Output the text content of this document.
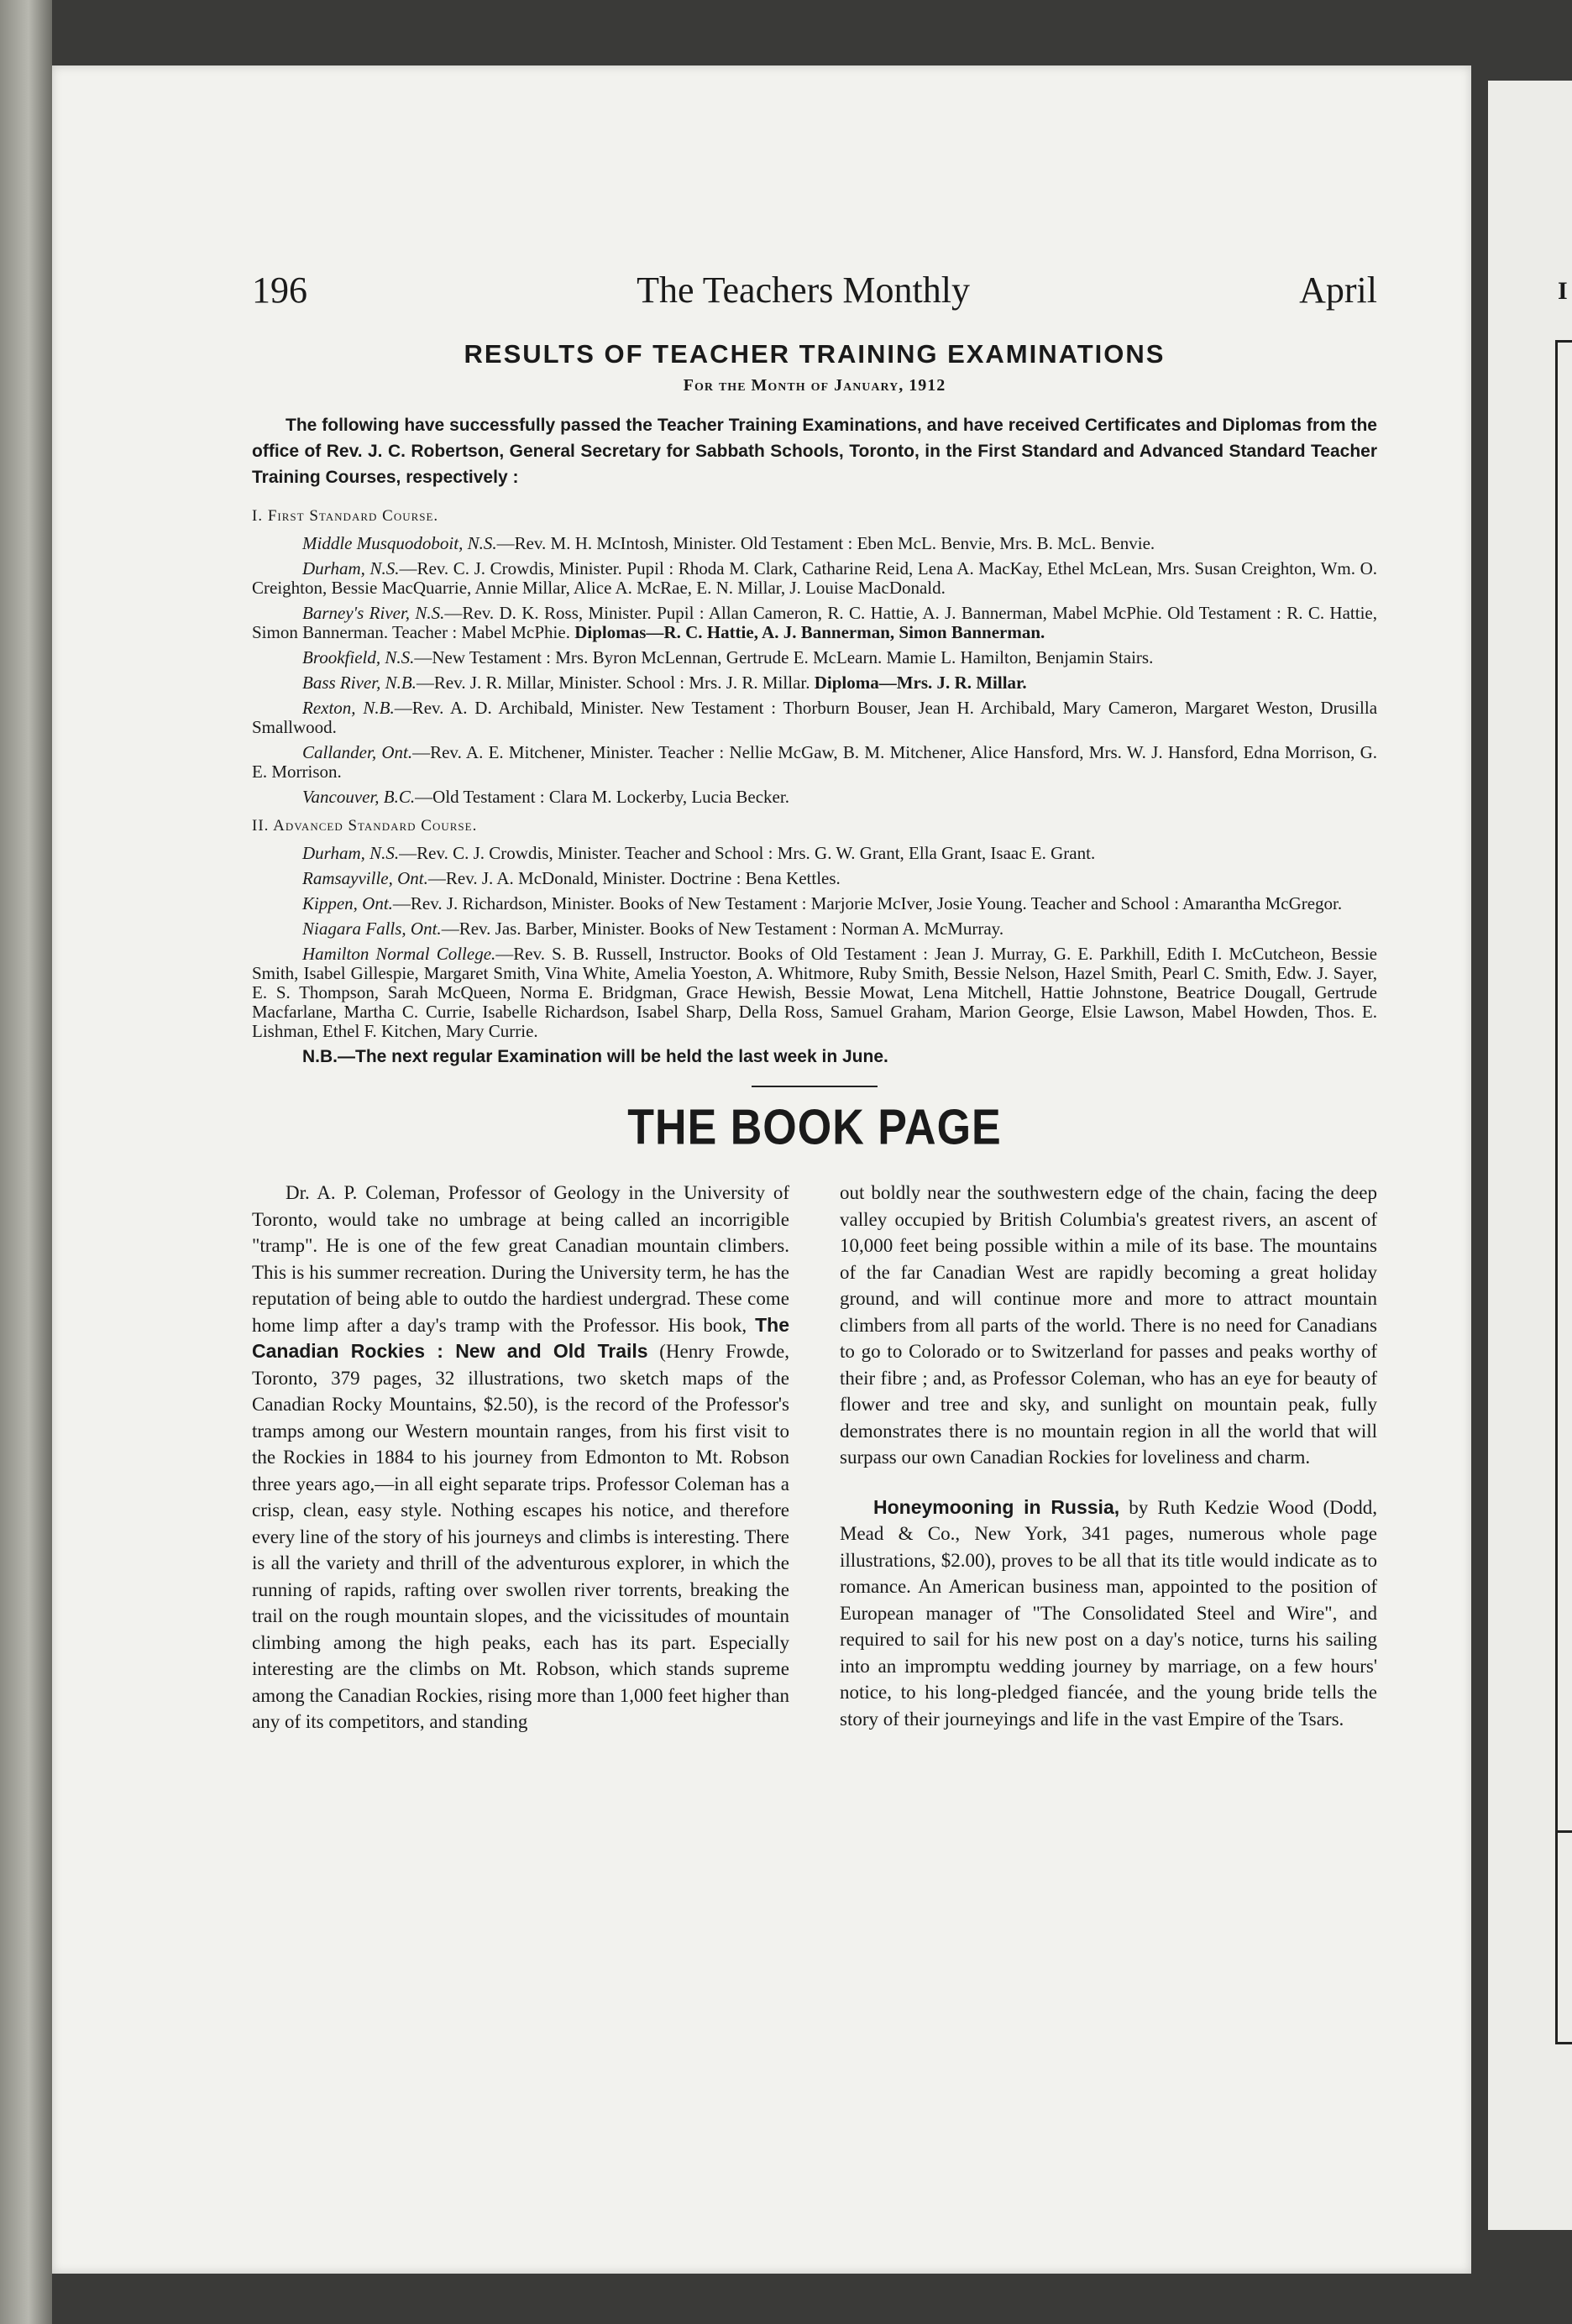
I
196	The Teachers Monthly	April
RESULTS OF TEACHER TRAINING EXAMINATIONS
For the Month of January, 1912

The following have successfully passed the Teacher Training Examinations, and have received Certificates and Diplomas from the office of Rev. J. C. Robertson, General Secretary for Sabbath Schools, Toronto, in the First Standard and Advanced Standard Teacher Training Courses, respectively :

I. First Standard Course.

Middle Musquodoboit, N.S.—Rev. M. H. McIntosh, Minister. Old Testament : Eben McL. Benvie, Mrs. B. McL. Benvie.

Durham, N.S.—Rev. C. J. Crowdis, Minister. Pupil : Rhoda M. Clark, Catharine Reid, Lena A. MacKay, Ethel McLean, Mrs. Susan Creighton, Wm. O. Creighton, Bessie MacQuarrie, Annie Millar, Alice A. McRae, E. N. Millar, J. Louise MacDonald.

Barney's River, N.S.—Rev. D. K. Ross, Minister. Pupil : Allan Cameron, R. C. Hattie, A. J. Bannerman, Mabel McPhie. Old Testament : R. C. Hattie, Simon Bannerman. Teacher : Mabel McPhie. Diplomas—R. C. Hattie, A. J. Bannerman, Simon Bannerman.

Brookfield, N.S.—New Testament : Mrs. Byron McLennan, Gertrude E. McLearn. Mamie L. Hamilton, Benjamin Stairs.

Bass River, N.B.—Rev. J. R. Millar, Minister. School : Mrs. J. R. Millar. Diploma—Mrs. J. R. Millar.

Rexton, N.B.—Rev. A. D. Archibald, Minister. New Testament : Thorburn Bouser, Jean H. Archibald, Mary Cameron, Margaret Weston, Drusilla Smallwood.

Callander, Ont.—Rev. A. E. Mitchener, Minister. Teacher : Nellie McGaw, B. M. Mitchener, Alice Hansford, Mrs. W. J. Hansford, Edna Morrison, G. E. Morrison.

Vancouver, B.C.—Old Testament : Clara M. Lockerby, Lucia Becker.

II. Advanced Standard Course.

Durham, N.S.—Rev. C. J. Crowdis, Minister. Teacher and School : Mrs. G. W. Grant, Ella Grant, Isaac E. Grant.

Ramsayville, Ont.—Rev. J. A. McDonald, Minister. Doctrine : Bena Kettles.

Kippen, Ont.—Rev. J. Richardson, Minister. Books of New Testament : Marjorie McIver, Josie Young. Teacher and School : Amarantha McGregor.

Niagara Falls, Ont.—Rev. Jas. Barber, Minister. Books of New Testament : Norman A. McMurray.

Hamilton Normal College.—Rev. S. B. Russell, Instructor. Books of Old Testament : Jean J. Murray, G. E. Parkhill, Edith I. McCutcheon, Bessie Smith, Isabel Gillespie, Margaret Smith, Vina White, Amelia Yoeston, A. Whitmore, Ruby Smith, Bessie Nelson, Hazel Smith, Pearl C. Smith, Edw. J. Sayer, E. S. Thompson, Sarah McQueen, Norma E. Bridgman, Grace Hewish, Bessie Mowat, Lena Mitchell, Hattie Johnstone, Beatrice Dougall, Gertrude Macfarlane, Martha C. Currie, Isabelle Richardson, Isabel Sharp, Della Ross, Samuel Graham, Marion George, Elsie Lawson, Mabel Howden, Thos. E. Lishman, Ethel F. Kitchen, Mary Currie.

N.B.—The next regular Examination will be held the last week in June.

THE BOOK PAGE

Dr. A. P. Coleman, Professor of Geology in the University of Toronto, would take no umbrage at being called an incorrigible "tramp". He is one of the few great Canadian mountain climbers. This is his summer recreation. During the University term, he has the reputation of being able to outdo the hardiest undergrad. These come home limp after a day's tramp with the Professor. His book, The Canadian Rockies : New and Old Trails (Henry Frowde, Toronto, 379 pages, 32 illustrations, two sketch maps of the Canadian Rocky Mountains, $2.50), is the record of the Professor's tramps among our Western mountain ranges, from his first visit to the Rockies in 1884 to his journey from Edmonton to Mt. Robson three years ago,—in all eight separate trips. Professor Coleman has a crisp, clean, easy style. Nothing escapes his notice, and therefore every line of the story of his journeys and climbs is interesting. There is all the variety and thrill of the adventurous explorer, in which the running of rapids, rafting over swollen river torrents, breaking the trail on the rough mountain slopes, and the vicissitudes of mountain climbing among the high peaks, each has its part. Especially interesting are the climbs on Mt. Robson, which stands supreme among the Canadian Rockies, rising more than 1,000 feet higher than any of its competitors, and standing

out boldly near the southwestern edge of the chain, facing the deep valley occupied by British Columbia's greatest rivers, an ascent of 10,000 feet being possible within a mile of its base. The mountains of the far Canadian West are rapidly becoming a great holiday ground, and will continue more and more to attract mountain climbers from all parts of the world. There is no need for Canadians to go to Colorado or to Switzerland for passes and peaks worthy of their fibre ; and, as Professor Coleman, who has an eye for beauty of flower and tree and sky, and sunlight on mountain peak, fully demonstrates there is no mountain region in all the world that will surpass our own Canadian Rockies for loveliness and charm.

Honeymooning in Russia, by Ruth Kedzie Wood (Dodd, Mead & Co., New York, 341 pages, numerous whole page illustrations, $2.00), proves to be all that its title would indicate as to romance. An American business man, appointed to the position of European manager of "The Consolidated Steel and Wire", and required to sail for his new post on a day's notice, turns his sailing into an impromptu wedding journey by marriage, on a few hours' notice, to his long-pledged fiancée, and the young bride tells the story of their journeyings and life in the vast Empire of the Tsars.
